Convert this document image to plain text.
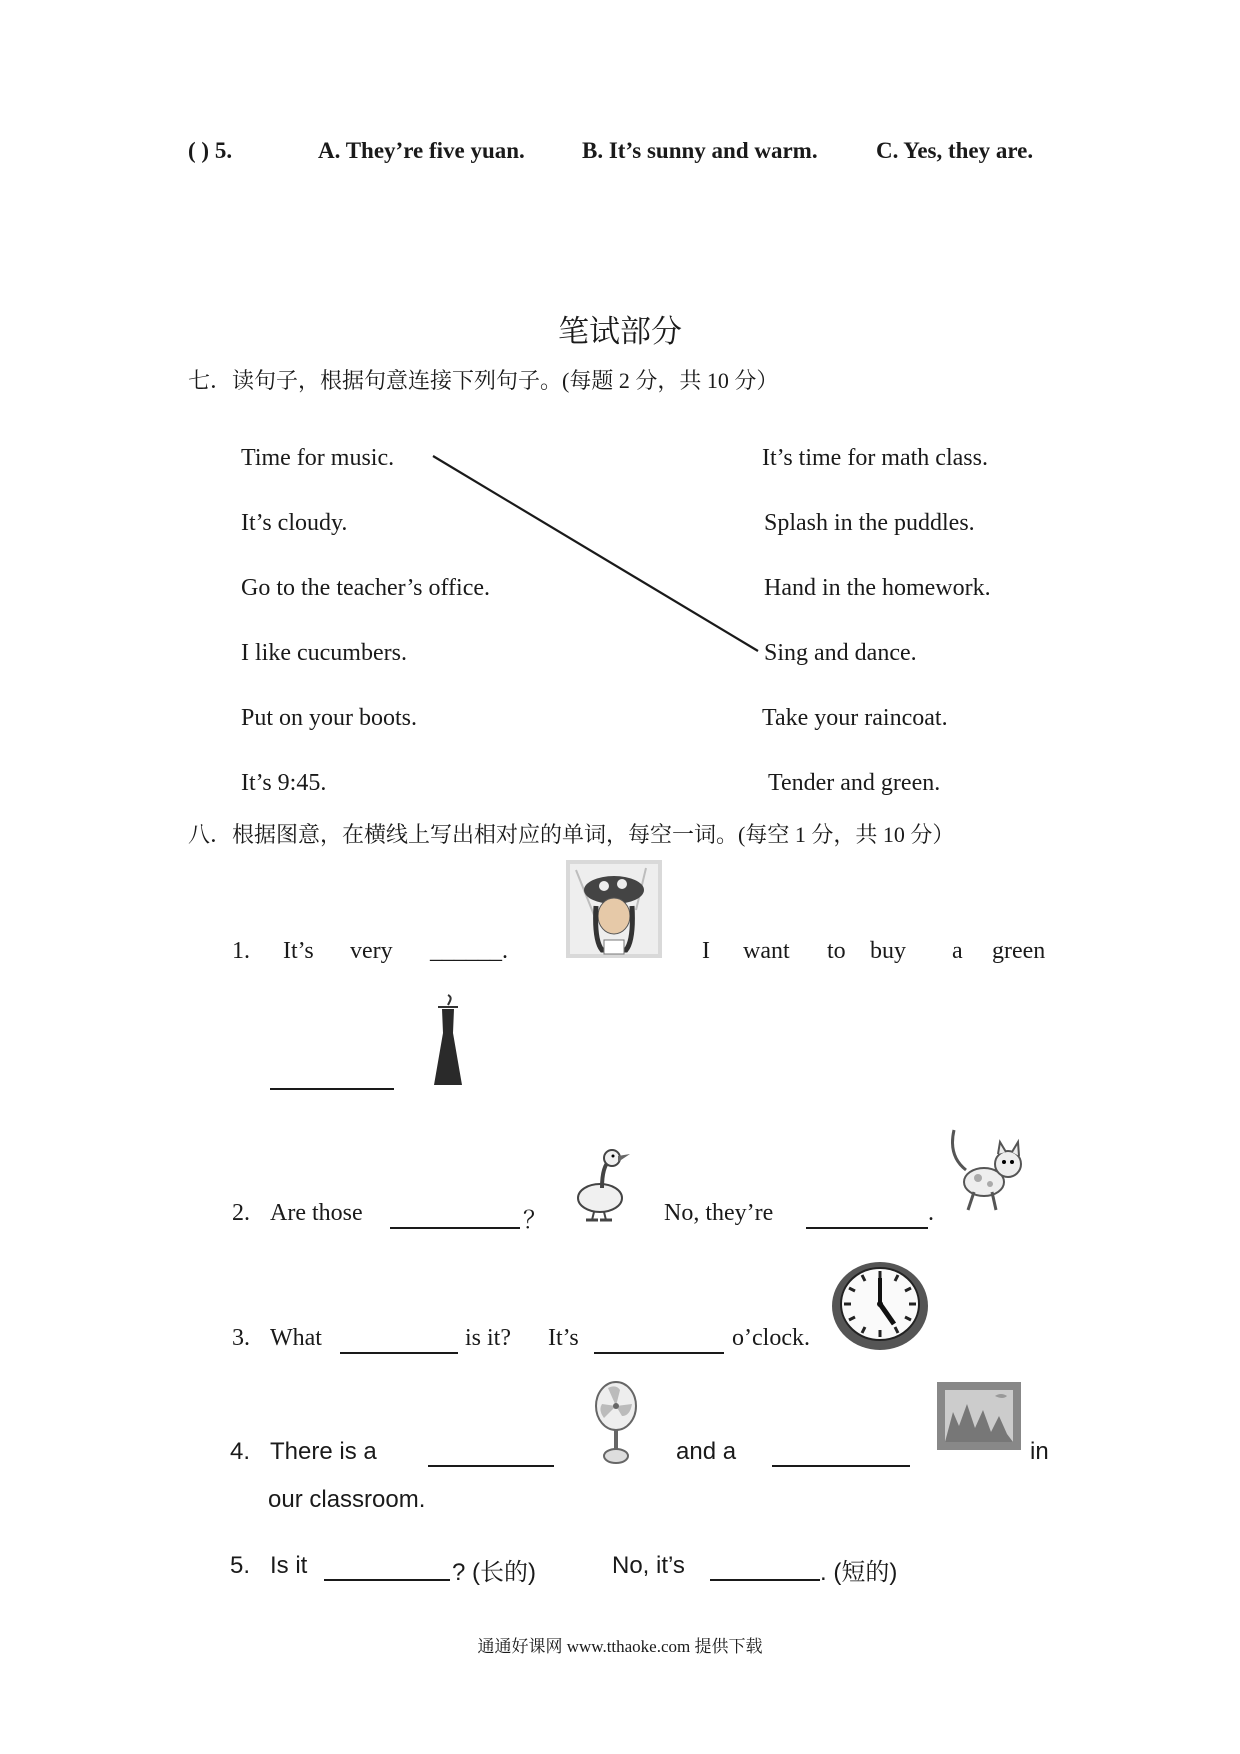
( ) 5.	A. They’re five yuan. B. It’s sunny and warm.	C. Yes, they are.
笔试部分
七．读句子，根据句意连接下列句子。(每题 2 分，共 10 分）
Time for music.
It’s cloudy.
Go to the teacher’s office.
I like cucumbers.
Put on your boots.
It’s 9:45.
It’s time for math class.
Splash in the puddles.
Hand in the homework.
Sing and dance.
Take your raincoat.
Tender and green.
八．根据图意，在横线上写出相对应的单词，每空一词。(每空 1 分，共 10 分）
1. It’s very ______.	I want to buy a green
2. Are those	？	No, they’re	.
3. What	is it? It’s	o’clock.
4. There is a	and a	in
our classroom.
5. Is it	? (长的)	No, it’s	. (短的)
通通好课网 www.tthaoke.com 提供下载
